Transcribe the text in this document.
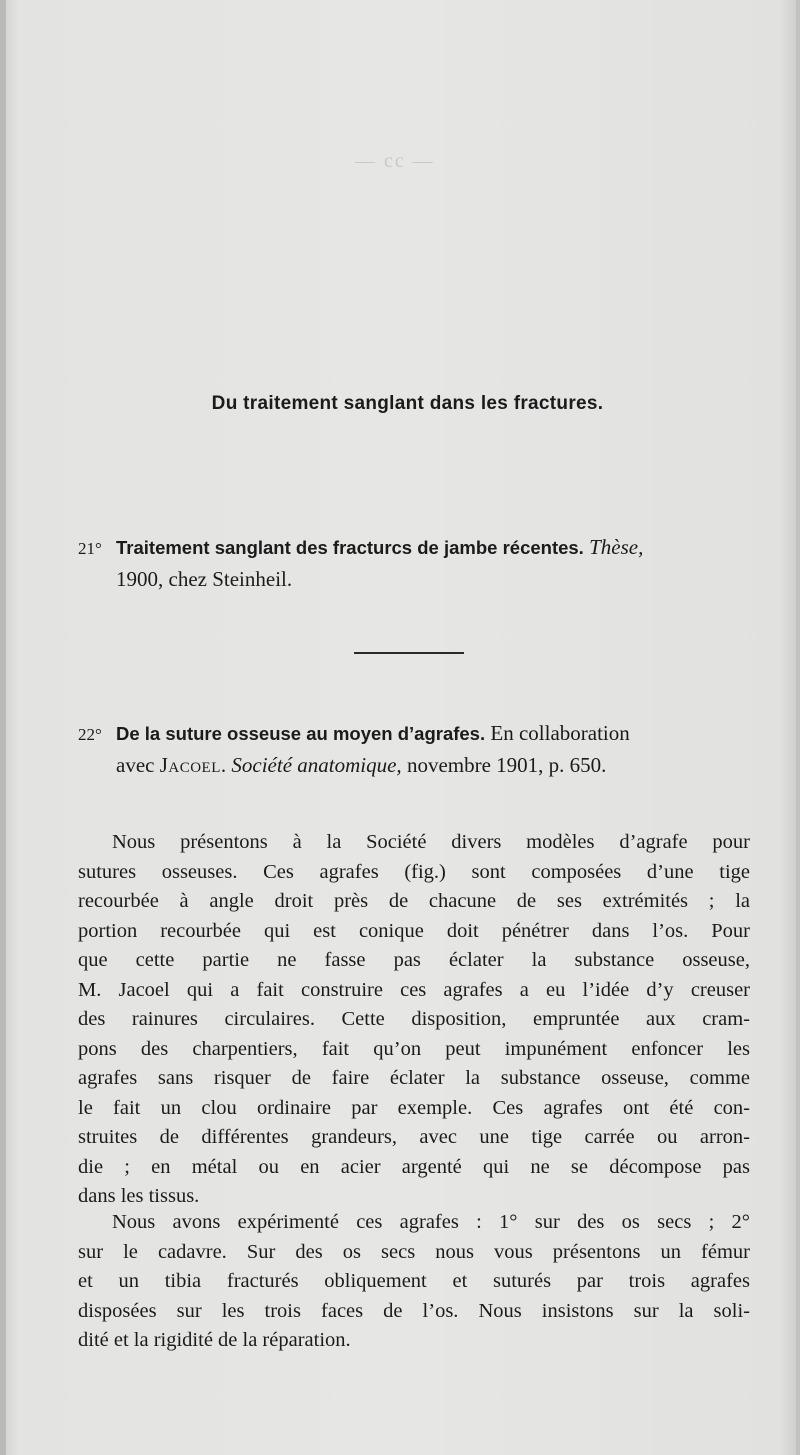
— cc —
Du traitement sanglant dans les fractures.
21° Traitement sanglant des fracturcs de jambe récentes. Thèse,
1900, chez Steinheil.
22° De la suture osseuse au moyen d’agrafes. En collaboration
avec Jacoel. Société anatomique, novembre 1901, p. 650.
Nous présentons à la Société divers modèles d’agrafe pour
sutures osseuses. Ces agrafes (fig.) sont composées d’une tige
recourbée à angle droit près de chacune de ses extrémités ; la
portion recourbée qui est conique doit pénétrer dans l’os. Pour
que cette partie ne fasse pas éclater la substance osseuse,
M. Jacoel qui a fait construire ces agrafes a eu l’idée d’y creuser
des rainures circulaires. Cette disposition, empruntée aux cram-
pons des charpentiers, fait qu’on peut impunément enfoncer les
agrafes sans risquer de faire éclater la substance osseuse, comme
le fait un clou ordinaire par exemple. Ces agrafes ont été con-
struites de différentes grandeurs, avec une tige carrée ou arron-
die ; en métal ou en acier argenté qui ne se décompose pas
dans les tissus.
Nous avons expérimenté ces agrafes : 1° sur des os secs ; 2°
sur le cadavre. Sur des os secs nous vous présentons un fémur
et un tibia fracturés obliquement et suturés par trois agrafes
disposées sur les trois faces de l’os. Nous insistons sur la soli-
dité et la rigidité de la réparation.
